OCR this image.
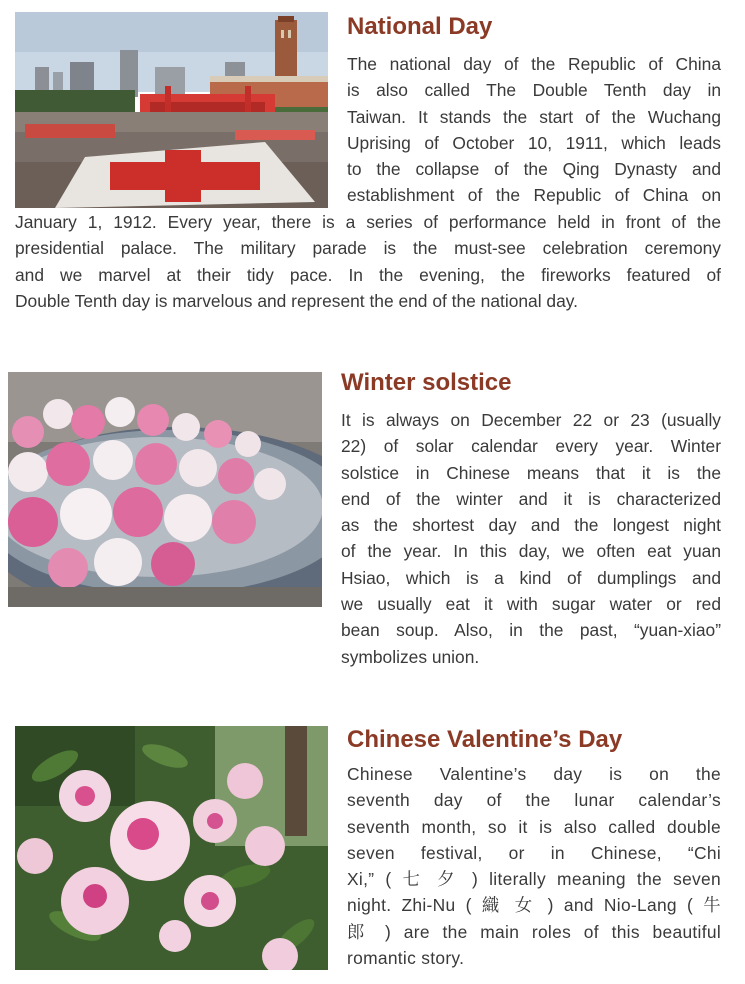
National Day
The national day of the Republic of China
is also called The Double Tenth day in
Taiwan. It stands the start of the Wuchang
Uprising of October 10, 1911, which leads
to the collapse of the Qing Dynasty and
establishment of the Republic of China on
January 1, 1912. Every year, there is a series of performance held in front of the
presidential palace. The military parade is the must-see celebration ceremony
and we marvel at their tidy pace. In the evening, the fireworks featured of
Double Tenth day is marvelous and represent the end of the national day.
Winter solstice
It is always on December 22 or 23 (usually
22) of solar calendar every year. Winter
solstice in Chinese means that it is the
end of the winter and it is characterized
as the shortest day and the longest night
of the year. In this day, we often eat yuan
Hsiao, which is a kind of dumplings and
we usually eat it with sugar water or red
bean soup. Also, in the past, “yuan-xiao”
symbolizes union.
Chinese Valentine’s Day
Chinese Valentine’s day is on the
seventh day of the lunar calendar’s
seventh month, so it is also called double
seven festival, or in Chinese, “Chi
Xi,” ( 七 夕 ) literally meaning the seven
night. Zhi-Nu ( 織 女 ) and Nio-Lang ( 牛
郎 ) are the main roles of this beautiful
romantic story.
